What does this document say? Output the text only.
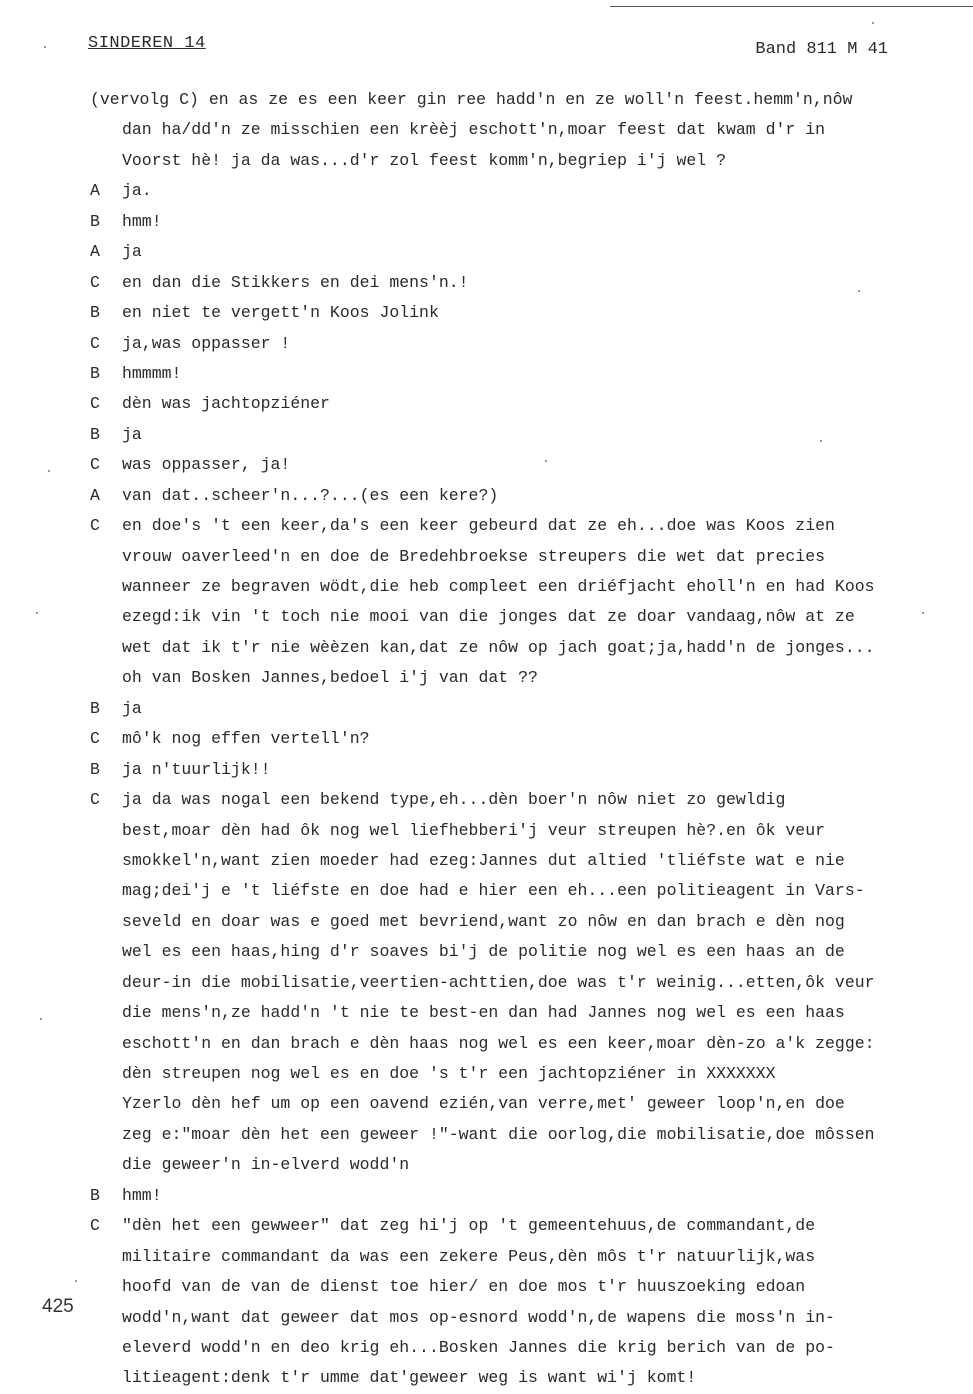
SINDEREN 14	Band 811 M 41
425
(vervolg C) en as ze es een keer gin ree hadd'n en ze woll'n feest.hemm'n,nôw
dan ha/dd'n ze misschien een krèèj eschott'n,moar feest dat kwam d'r in
Voorst hè! ja da was...d'r zol feest komm'n,begriep i'j wel ?
A ja.
B hmm!
A ja
C en dan die Stikkers en dei mens'n.!
B en niet te vergett'n Koos Jolink
C ja,was oppasser !
B hmmmm!
C dèn was jachtopziéner
B ja
C was oppasser, ja!
A van dat..scheer'n...?...(es een kere?)
C en doe's 't een keer,da's een keer gebeurd dat ze eh...doe was Koos zien
vrouw oaverleed'n en doe de Bredehbroekse streupers die wet dat precies
wanneer ze begraven wödt,die heb compleet een driéfjacht eholl'n en had Koos
ezegd:ik vin 't toch nie mooi van die jonges dat ze doar vandaag,nôw at ze
wet dat ik t'r nie wèèzen kan,dat ze nôw op jach goat;ja,hadd'n de jonges...
oh van Bosken Jannes,bedoel i'j van dat ??
B ja
C mô'k nog effen vertell'n?
B ja n'tuurlijk!!
C ja da was nogal een bekend type,eh...dèn boer'n nôw niet zo gewldig
best,moar dèn had ôk nog wel liefhebberi'j veur streupen hè?.en ôk veur
smokkel'n,want zien moeder had ezeg:Jannes dut altied 'tliéfste wat e nie
mag;dei'j e 't liéfste en doe had e hier een eh...een politieagent in Vars-
seveld en doar was e goed met bevriend,want zo nôw en dan brach e dèn nog
wel es een haas,hing d'r soaves bi'j de politie nog wel es een haas an de
deur-in die mobilisatie,veertien-achttien,doe was t'r weinig...etten,ôk veur
die mens'n,ze hadd'n 't nie te best-en dan had Jannes nog wel es een haas
eschott'n en dan brach e dèn haas nog wel es een keer,moar dèn-zo a'k zegge:
dèn streupen nog wel es en doe 's t'r een jachtopziéner in XXXXXXX
Yzerlo dèn hef um op een oavend ezién,van verre,met' geweer loop'n,en doe
zeg e:"moar dèn het een geweer !"-want die oorlog,die mobilisatie,doe môssen
die geweer'n in-elverd wodd'n
B hmm!
C "dèn het een gewweer" dat zeg hi'j op 't gemeentehuus,de commandant,de
militaire commandant da was een zekere Peus,dèn môs t'r natuurlijk,was
hoofd van de van de dienst toe hier/ en doe mos t'r huuszoeking edoan
wodd'n,want dat geweer dat mos op-esnord wodd'n,de wapens die moss'n in-
eleverd wodd'n en deo krig eh...Bosken Jannes die krig berich van de po-
litieagent:denk t'r umme dat'geweer weg is want wi'j komt!
